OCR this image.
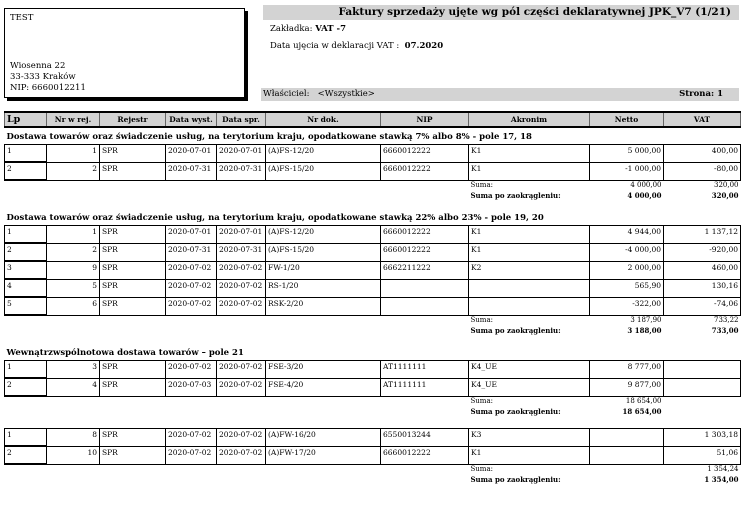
TEST
Wiosenna 22
33-333 Kraków
NIP: 6660012211
Faktury sprzedaży ujęte wg pól części deklaratywnej JPK_V7 (1/21)
Zakładka: VAT -7
Data ujęcia w deklaracji VAT : 07.2020
Właściciel: <Wszystkie>	Strona: 1
Lp	Nr w rej.	Rejestr	Data wyst.	Data spr.	Nr dok.	NIP	Akronim	Netto	VAT
Dostawa towarów oraz świadczenie usług, na terytorium kraju, opodatkowane stawką 7% albo 8% - pole 17, 18									
1	1	SPR	2020-07-01	2020-07-01	(A)FS-12/20	6660012222	K1	5 000,00	400,00
2	2	SPR	2020-07-31	2020-07-31	(A)FS-15/20	6660012222	K1	-1 000,00	-80,00
							Suma:	4 000,00	320,00
							Suma po zaokrągleniu:	4 000,00	320,00

Dostawa towarów oraz świadczenie usług, na terytorium kraju, opodatkowane stawką 22% albo 23% - pole 19, 20									
1	1	SPR	2020-07-01	2020-07-01	(A)FS-12/20	6660012222	K1	4 944,00	1 137,12
2	2	SPR	2020-07-31	2020-07-31	(A)FS-15/20	6660012222	K1	-4 000,00	-920,00
3	9	SPR	2020-07-02	2020-07-02	FW-1/20	6662211222	K2	2 000,00	460,00
4	5	SPR	2020-07-02	2020-07-02	RS-1/20			565,90	130,16
5	6	SPR	2020-07-02	2020-07-02	RSK-2/20			-322,00	-74,06
							Suma:	3 187,90	733,22
							Suma po zaokrągleniu:	3 188,00	733,00

Wewnątrzwspólnotowa dostawa towarów – pole 21									
1	3	SPR	2020-07-02	2020-07-02	FSE-3/20	AT1111111	K4_UE	8 777,00	
2	4	SPR	2020-07-03	2020-07-02	FSE-4/20	AT1111111	K4_UE	9 877,00	
							Suma:	18 654,00	
							Suma po zaokrągleniu:	18 654,00	

1	8	SPR	2020-07-02	2020-07-02	(A)FW-16/20	6550013244	K3		1 303,18
2	10	SPR	2020-07-02	2020-07-02	(A)FW-17/20	6660012222	K1		51,06
							Suma:		1 354,24
							Suma po zaokrągleniu:		1 354,00
